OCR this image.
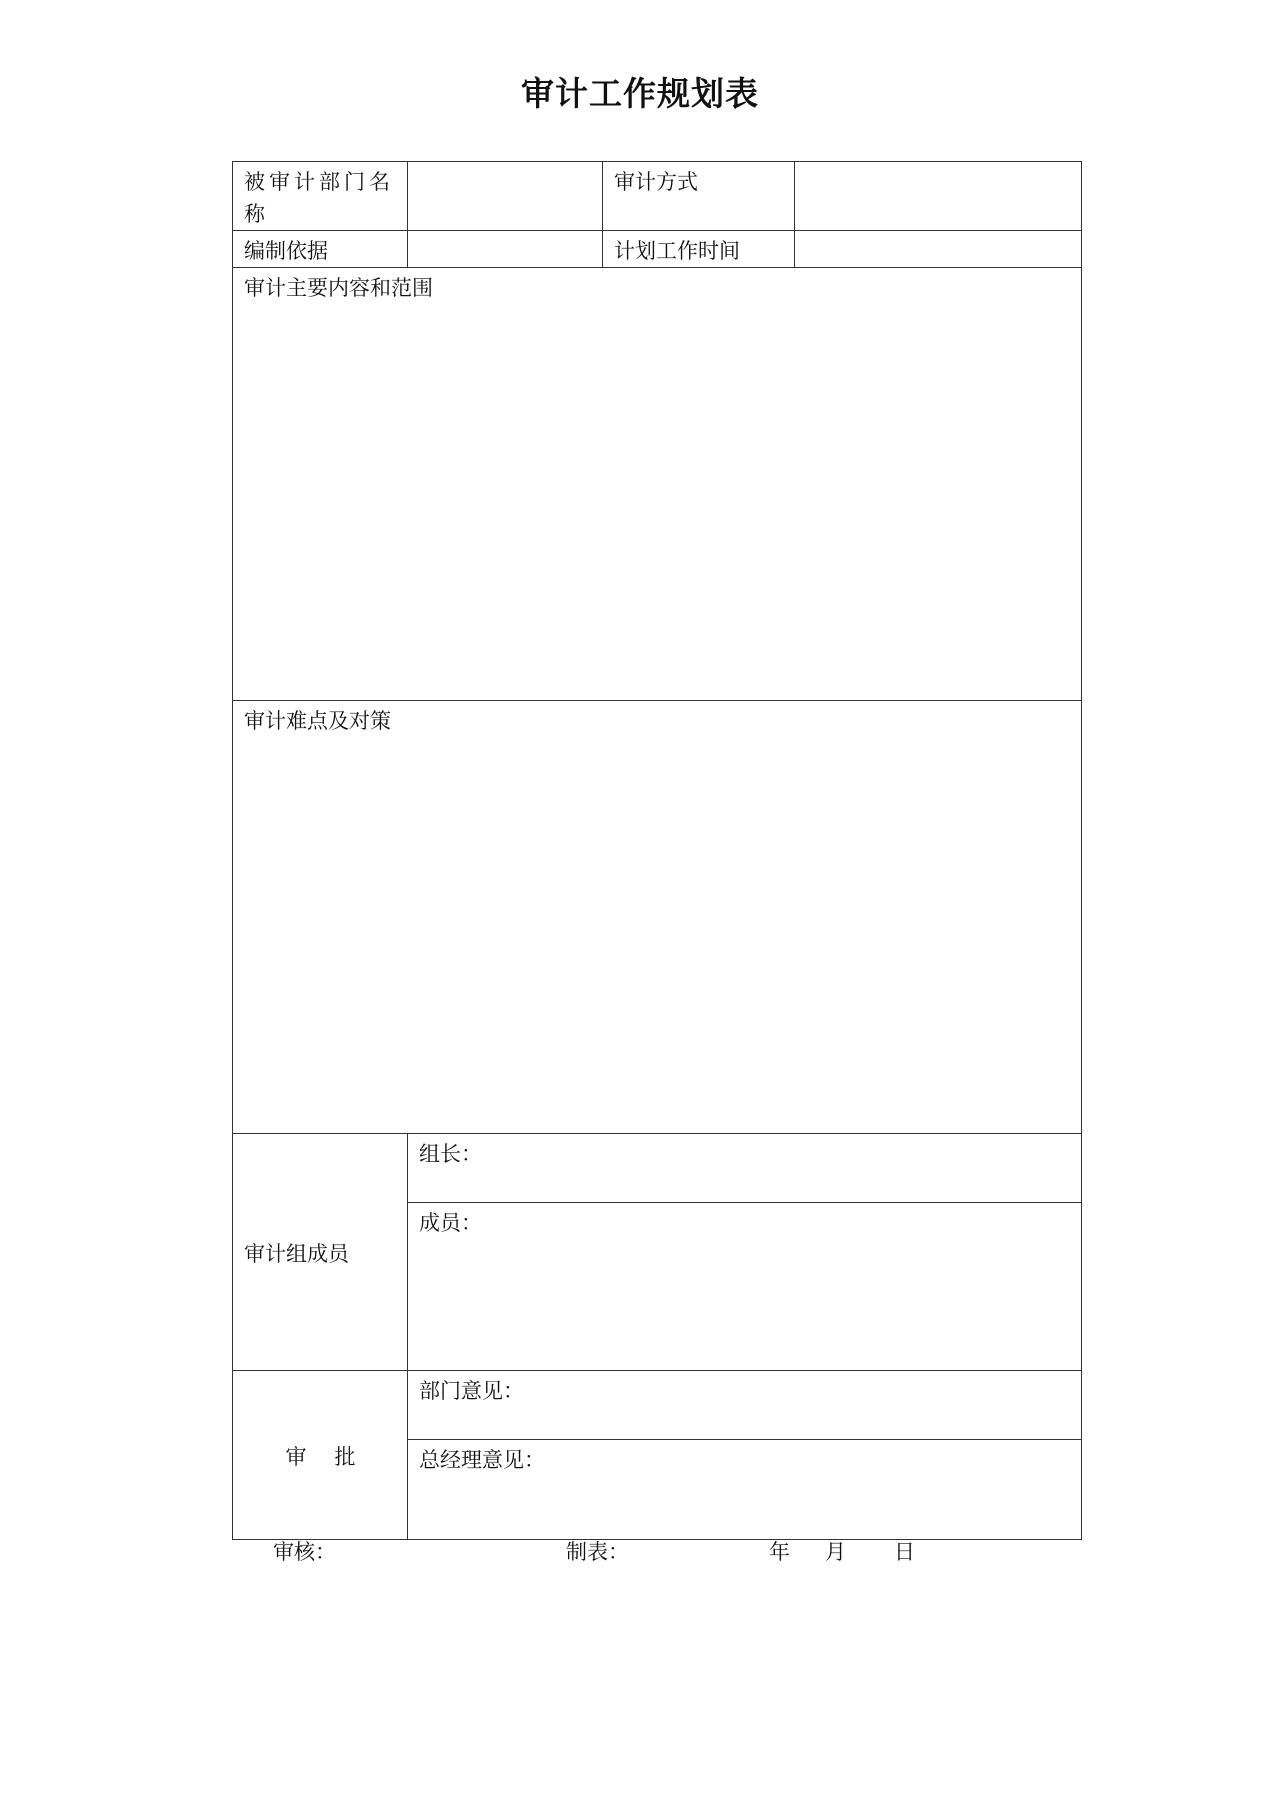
审计工作规划表
被审计部门名称		审计方式	
编制依据		计划工作时间	
审计主要内容和范围			
审计难点及对策			
审计组成员	组长：		
	成员：		
审 批	部门意见：		
	总经理意见：		
审核：	制表：	年 月 日
